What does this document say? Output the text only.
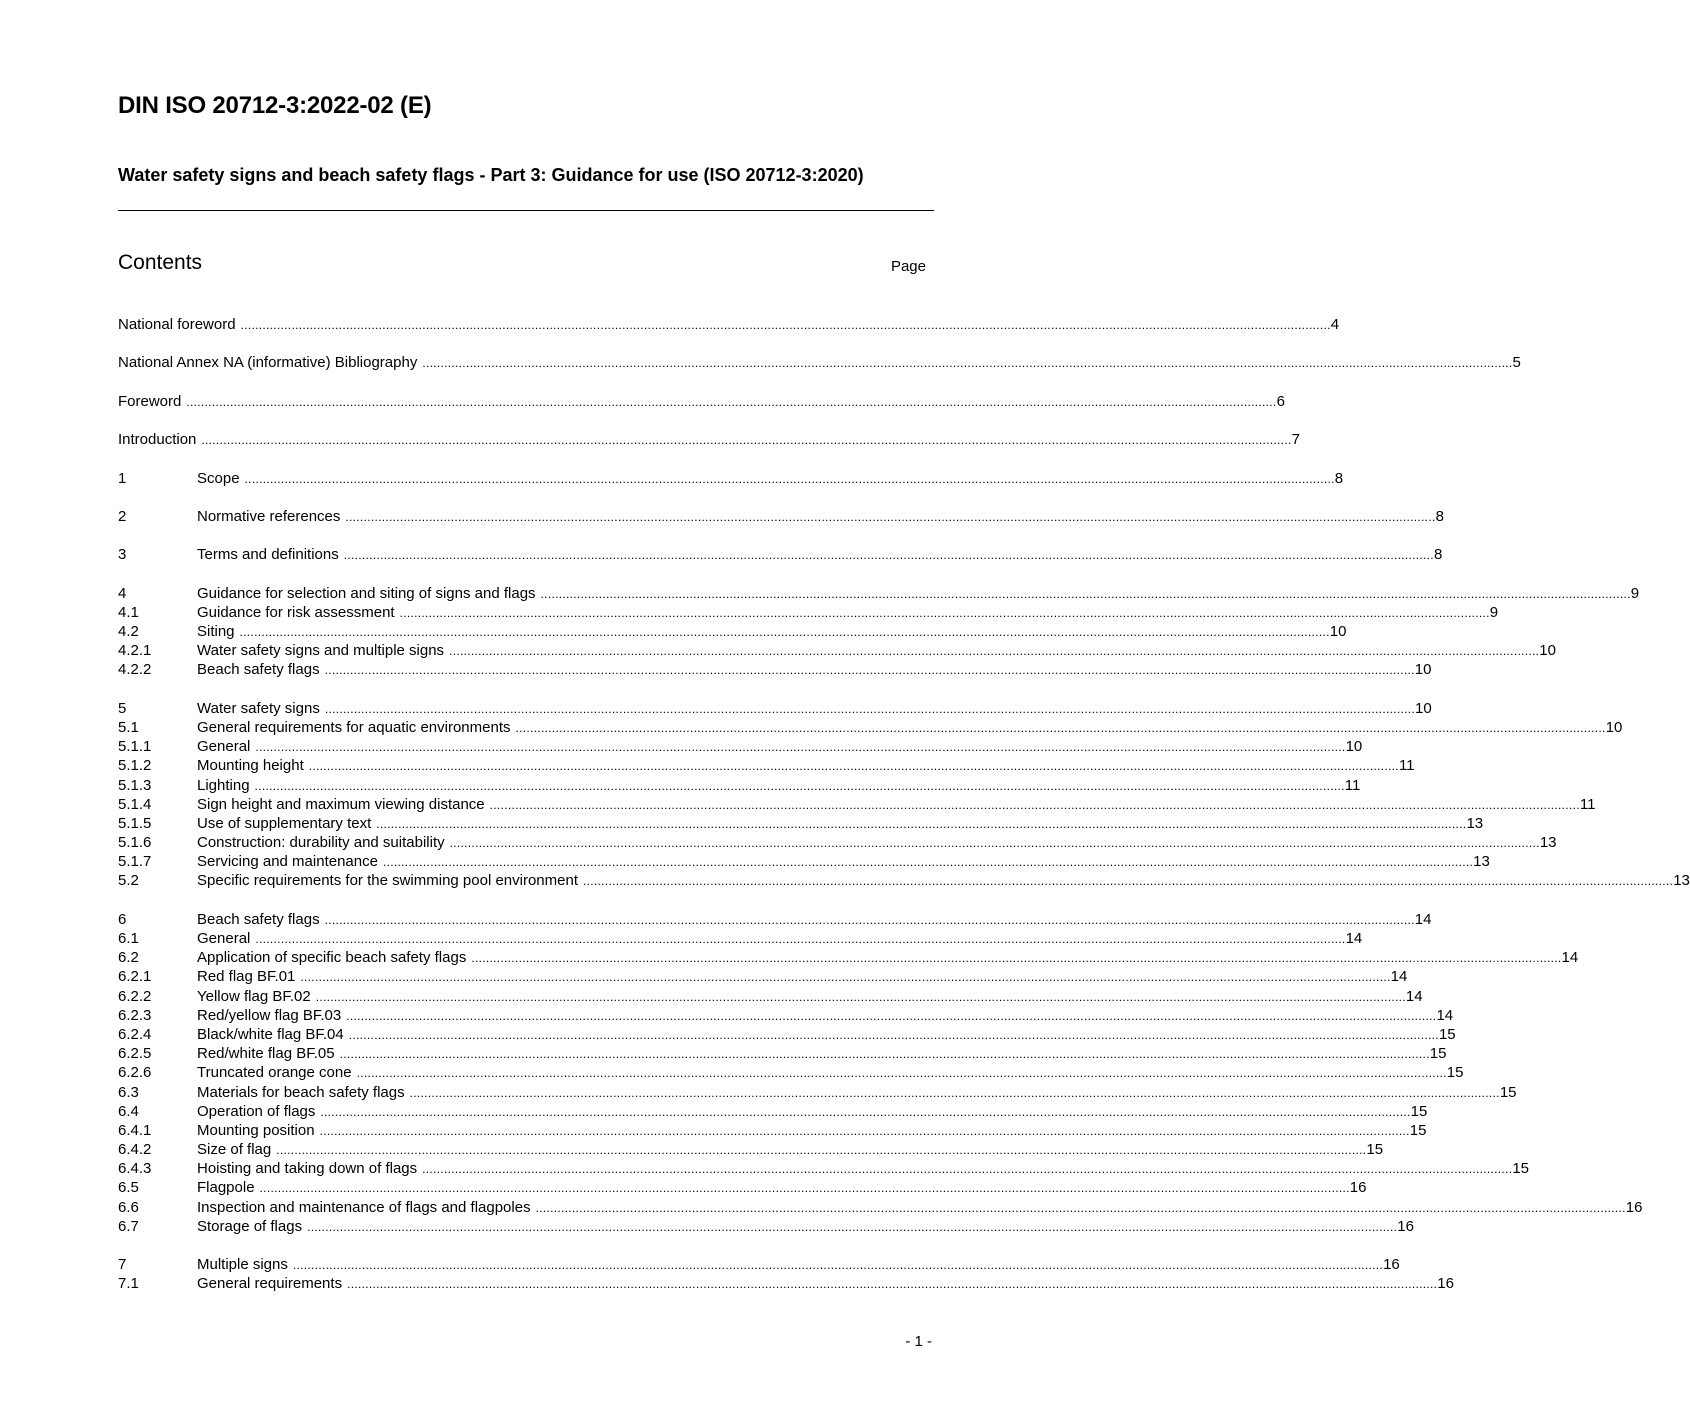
DIN ISO 20712-3:2022-02 (E)
Water safety signs and beach safety flags - Part 3: Guidance for use (ISO 20712-3:2020)
Contents	Page
National foreword ............................................................................................................................................................................................................................................................................................................ 4
National Annex NA (informative) Bibliography ............................................................................................................................................................................................................................................................................................................ 5
Foreword ............................................................................................................................................................................................................................................................................................................ 6
Introduction ............................................................................................................................................................................................................................................................................................................ 7
1	Scope ............................................................................................................................................................................................................................................................................................................ 8
2	Normative references ............................................................................................................................................................................................................................................................................................................ 8
3	Terms and definitions ............................................................................................................................................................................................................................................................................................................ 8
4	Guidance for selection and siting of signs and flags ............................................................................................................................................................................................................................................................................................................ 9
4.1	Guidance for risk assessment ............................................................................................................................................................................................................................................................................................................ 9
4.2	Siting ............................................................................................................................................................................................................................................................................................................ 10
4.2.1	Water safety signs and multiple signs ............................................................................................................................................................................................................................................................................................................ 10
4.2.2	Beach safety flags ............................................................................................................................................................................................................................................................................................................ 10
5	Water safety signs ............................................................................................................................................................................................................................................................................................................ 10
5.1	General requirements for aquatic environments ............................................................................................................................................................................................................................................................................................................ 10
5.1.1	General ............................................................................................................................................................................................................................................................................................................ 10
5.1.2	Mounting height ............................................................................................................................................................................................................................................................................................................ 11
5.1.3	Lighting ............................................................................................................................................................................................................................................................................................................ 11
5.1.4	Sign height and maximum viewing distance ............................................................................................................................................................................................................................................................................................................ 11
5.1.5	Use of supplementary text ............................................................................................................................................................................................................................................................................................................ 13
5.1.6	Construction: durability and suitability ............................................................................................................................................................................................................................................................................................................ 13
5.1.7	Servicing and maintenance ............................................................................................................................................................................................................................................................................................................ 13
5.2	Specific requirements for the swimming pool environment ............................................................................................................................................................................................................................................................................................................ 13
6	Beach safety flags ............................................................................................................................................................................................................................................................................................................ 14
6.1	General ............................................................................................................................................................................................................................................................................................................ 14
6.2	Application of specific beach safety flags ............................................................................................................................................................................................................................................................................................................ 14
6.2.1	Red flag BF.01 ............................................................................................................................................................................................................................................................................................................ 14
6.2.2	Yellow flag BF.02 ............................................................................................................................................................................................................................................................................................................ 14
6.2.3	Red/yellow flag BF.03 ............................................................................................................................................................................................................................................................................................................ 14
6.2.4	Black/white flag BF.04 ............................................................................................................................................................................................................................................................................................................ 15
6.2.5	Red/white flag BF.05 ............................................................................................................................................................................................................................................................................................................ 15
6.2.6	Truncated orange cone ............................................................................................................................................................................................................................................................................................................ 15
6.3	Materials for beach safety flags ............................................................................................................................................................................................................................................................................................................ 15
6.4	Operation of flags ............................................................................................................................................................................................................................................................................................................ 15
6.4.1	Mounting position ............................................................................................................................................................................................................................................................................................................ 15
6.4.2	Size of flag ............................................................................................................................................................................................................................................................................................................ 15
6.4.3	Hoisting and taking down of flags ............................................................................................................................................................................................................................................................................................................ 15
6.5	Flagpole ............................................................................................................................................................................................................................................................................................................ 16
6.6	Inspection and maintenance of flags and flagpoles ............................................................................................................................................................................................................................................................................................................ 16
6.7	Storage of flags ............................................................................................................................................................................................................................................................................................................ 16
7	Multiple signs ............................................................................................................................................................................................................................................................................................................ 16
7.1	General requirements ............................................................................................................................................................................................................................................................................................................ 16
- 1 -
